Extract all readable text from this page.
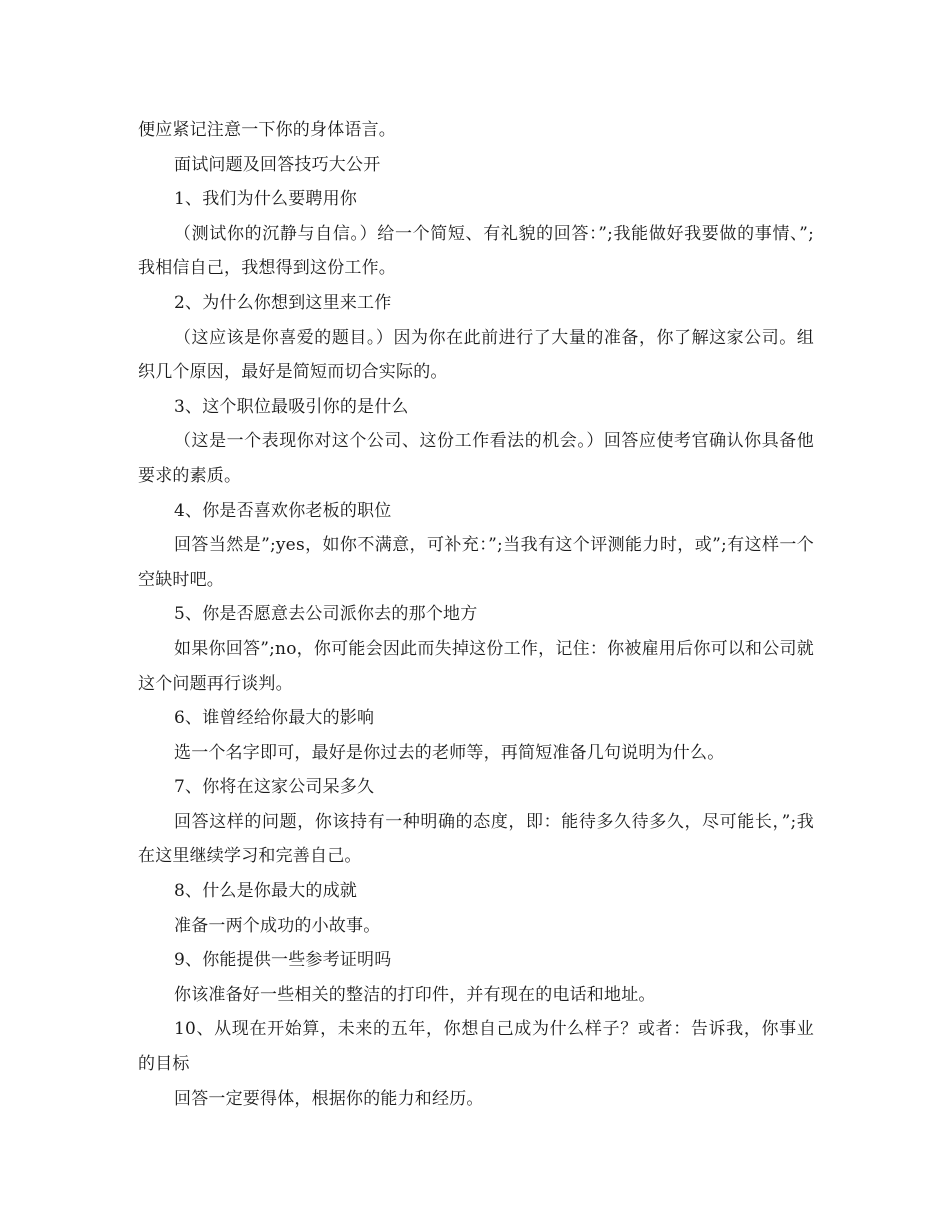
便应紧记注意一下你的身体语言。

面试问题及回答技巧大公开

1、我们为什么要聘用你

（测试你的沉静与自信。）给一个简短、有礼貌的回答：”;我能做好我要做的事情、”;我相信自己，我想得到这份工作。

2、为什么你想到这里来工作

（这应该是你喜爱的题目。）因为你在此前进行了大量的准备，你了解这家公司。组织几个原因，最好是简短而切合实际的。

3、这个职位最吸引你的是什么

（这是一个表现你对这个公司、这份工作看法的机会。）回答应使考官确认你具备他要求的素质。

4、你是否喜欢你老板的职位

回答当然是”;yes，如你不满意，可补充：”;当我有这个评测能力时，或”;有这样一个空缺时吧。

5、你是否愿意去公司派你去的那个地方

如果你回答”;no，你可能会因此而失掉这份工作，记住：你被雇用后你可以和公司就这个问题再行谈判。

6、谁曾经给你最大的影响

选一个名字即可，最好是你过去的老师等，再简短准备几句说明为什么。

7、你将在这家公司呆多久

回答这样的问题，你该持有一种明确的态度，即：能待多久待多久，尽可能长，”;我在这里继续学习和完善自己。

8、什么是你最大的成就

准备一两个成功的小故事。

9、你能提供一些参考证明吗

你该准备好一些相关的整洁的打印件，并有现在的电话和地址。

10、从现在开始算，未来的五年，你想自己成为什么样子？或者：告诉我，你事业的目标

回答一定要得体，根据你的能力和经历。
